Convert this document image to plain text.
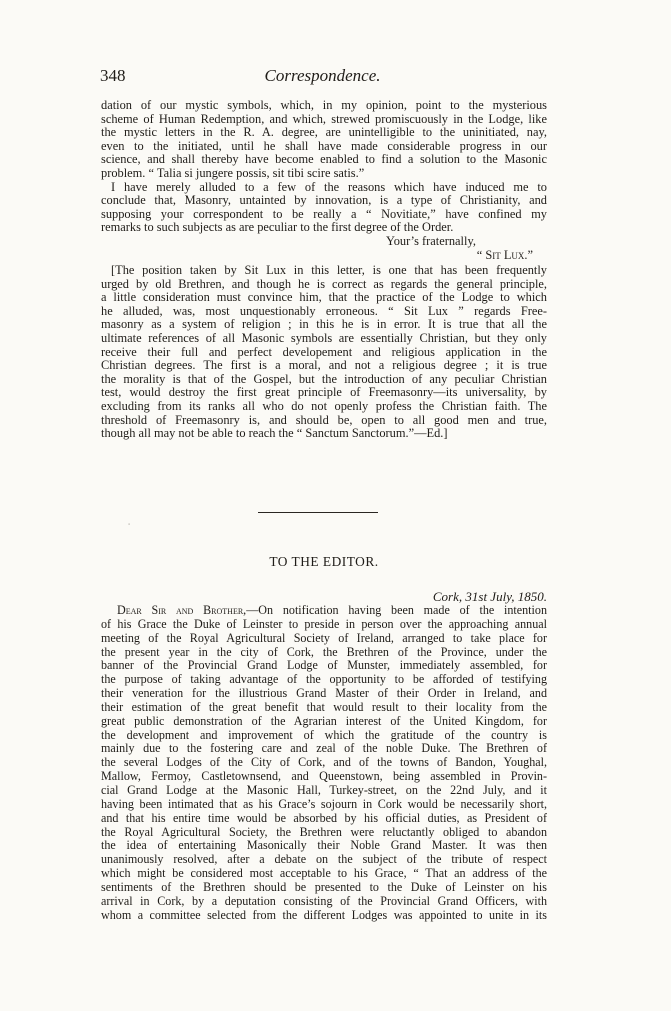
348	Correspondence.
dation of our mystic symbols, which, in my opinion, point to the mysterious
scheme of Human Redemption, and which, strewed promiscuously in the Lodge, like
the mystic letters in the R. A. degree, are unintelligible to the uninitiated, nay,
even to the initiated, until he shall have made considerable progress in our
science, and shall thereby have become enabled to find a solution to the Masonic
problem. “ Talia si jungere possis, sit tibi scire satis.”
I have merely alluded to a few of the reasons which have induced me to
conclude that, Masonry, untainted by innovation, is a type of Christianity, and
supposing your correspondent to be really a “ Novitiate,” have confined my
remarks to such subjects as are peculiar to the first degree of the Order.
Your’s fraternally,
“ Sit Lux.”
[The position taken by Sit Lux in this letter, is one that has been frequently
urged by old Brethren, and though he is correct as regards the general principle,
a little consideration must convince him, that the practice of the Lodge to which
he alluded, was, most unquestionably erroneous. “ Sit Lux ” regards Free-
masonry as a system of religion ; in this he is in error. It is true that all the
ultimate references of all Masonic symbols are essentially Christian, but they only
receive their full and perfect developement and religious application in the
Christian degrees. The first is a moral, and not a religious degree ; it is true
the morality is that of the Gospel, but the introduction of any peculiar Christian
test, would destroy the first great principle of Freemasonry—its universality, by
excluding from its ranks all who do not openly profess the Christian faith. The
threshold of Freemasonry is, and should be, open to all good men and true,
though all may not be able to reach the “ Sanctum Sanctorum.”—Ed.]
⸱
TO THE EDITOR.
Cork, 31st July, 1850.
Dear Sir and Brother,—On notification having been made of the intention
of his Grace the Duke of Leinster to preside in person over the approaching annual
meeting of the Royal Agricultural Society of Ireland, arranged to take place for
the present year in the city of Cork, the Brethren of the Province, under the
banner of the Provincial Grand Lodge of Munster, immediately assembled, for
the purpose of taking advantage of the opportunity to be afforded of testifying
their veneration for the illustrious Grand Master of their Order in Ireland, and
their estimation of the great benefit that would result to their locality from the
great public demonstration of the Agrarian interest of the United Kingdom, for
the development and improvement of which the gratitude of the country is
mainly due to the fostering care and zeal of the noble Duke. The Brethren of
the several Lodges of the City of Cork, and of the towns of Bandon, Youghal,
Mallow, Fermoy, Castletownsend, and Queenstown, being assembled in Provin-
cial Grand Lodge at the Masonic Hall, Turkey-street, on the 22nd July, and it
having been intimated that as his Grace’s sojourn in Cork would be necessarily short,
and that his entire time would be absorbed by his official duties, as President of
the Royal Agricultural Society, the Brethren were reluctantly obliged to abandon
the idea of entertaining Masonically their Noble Grand Master. It was then
unanimously resolved, after a debate on the subject of the tribute of respect
which might be considered most acceptable to his Grace, “ That an address of the
sentiments of the Brethren should be presented to the Duke of Leinster on his
arrival in Cork, by a deputation consisting of the Provincial Grand Officers, with
whom a committee selected from the different Lodges was appointed to unite in its
